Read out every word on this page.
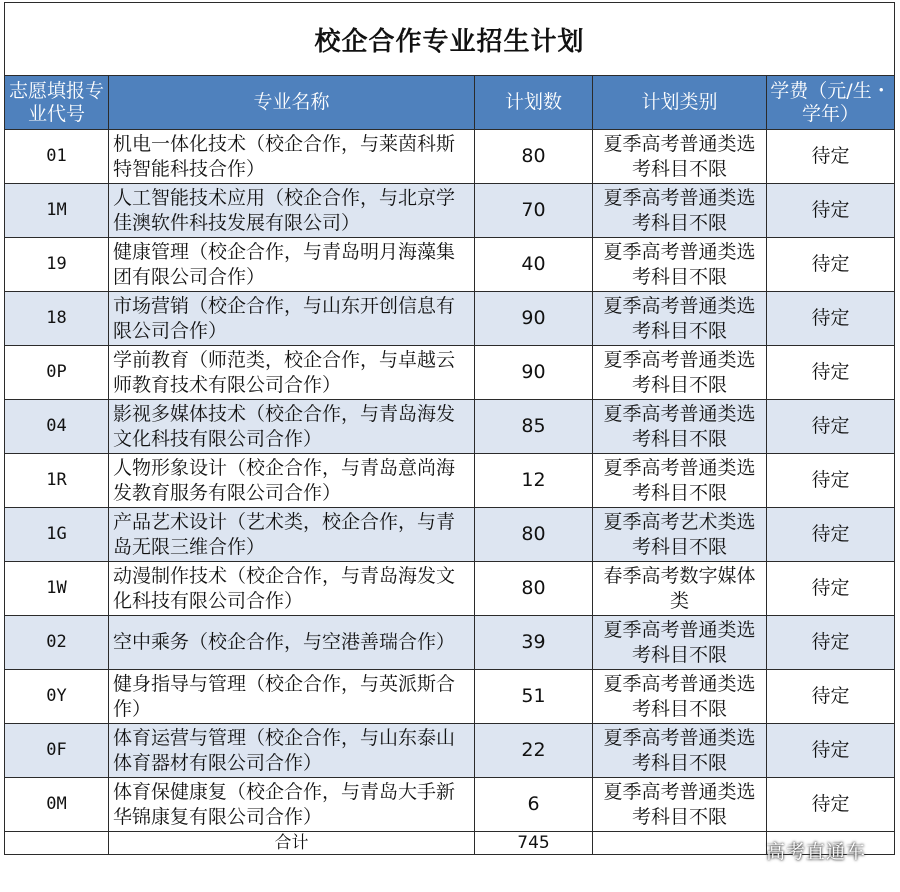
校企合作专业招生计划				
志愿填报专业代号	专业名称	计划数	计划类别	学费（元/生・学年）
01	机电一体化技术（校企合作，与莱茵科斯特智能科技合作）	80	夏季高考普通类选考科目不限	待定
1M	人工智能技术应用（校企合作，与北京学佳澳软件科技发展有限公司）	70	夏季高考普通类选考科目不限	待定
19	健康管理（校企合作，与青岛明月海藻集团有限公司合作）	40	夏季高考普通类选考科目不限	待定
18	市场营销（校企合作，与山东开创信息有限公司合作）	90	夏季高考普通类选考科目不限	待定
0P	学前教育（师范类，校企合作，与卓越云师教育技术有限公司合作）	90	夏季高考普通类选考科目不限	待定
04	影视多媒体技术（校企合作，与青岛海发文化科技有限公司合作）	85	夏季高考普通类选考科目不限	待定
1R	人物形象设计（校企合作，与青岛意尚海发教育服务有限公司合作）	12	夏季高考普通类选考科目不限	待定
1G	产品艺术设计（艺术类，校企合作，与青岛无限三维合作）	80	夏季高考艺术类选考科目不限	待定
1W	动漫制作技术（校企合作，与青岛海发文化科技有限公司合作）	80	春季高考数字媒体类	待定
02	空中乘务（校企合作，与空港善瑞合作）	39	夏季高考普通类选考科目不限	待定
0Y	健身指导与管理（校企合作，与英派斯合作）	51	夏季高考普通类选考科目不限	待定
0F	体育运营与管理（校企合作，与山东泰山体育器材有限公司合作）	22	夏季高考普通类选考科目不限	待定
0M	体育保健康复（校企合作，与青岛大手新华锦康复有限公司合作）	6	夏季高考普通类选考科目不限	待定
	合计	745			高考直通车
